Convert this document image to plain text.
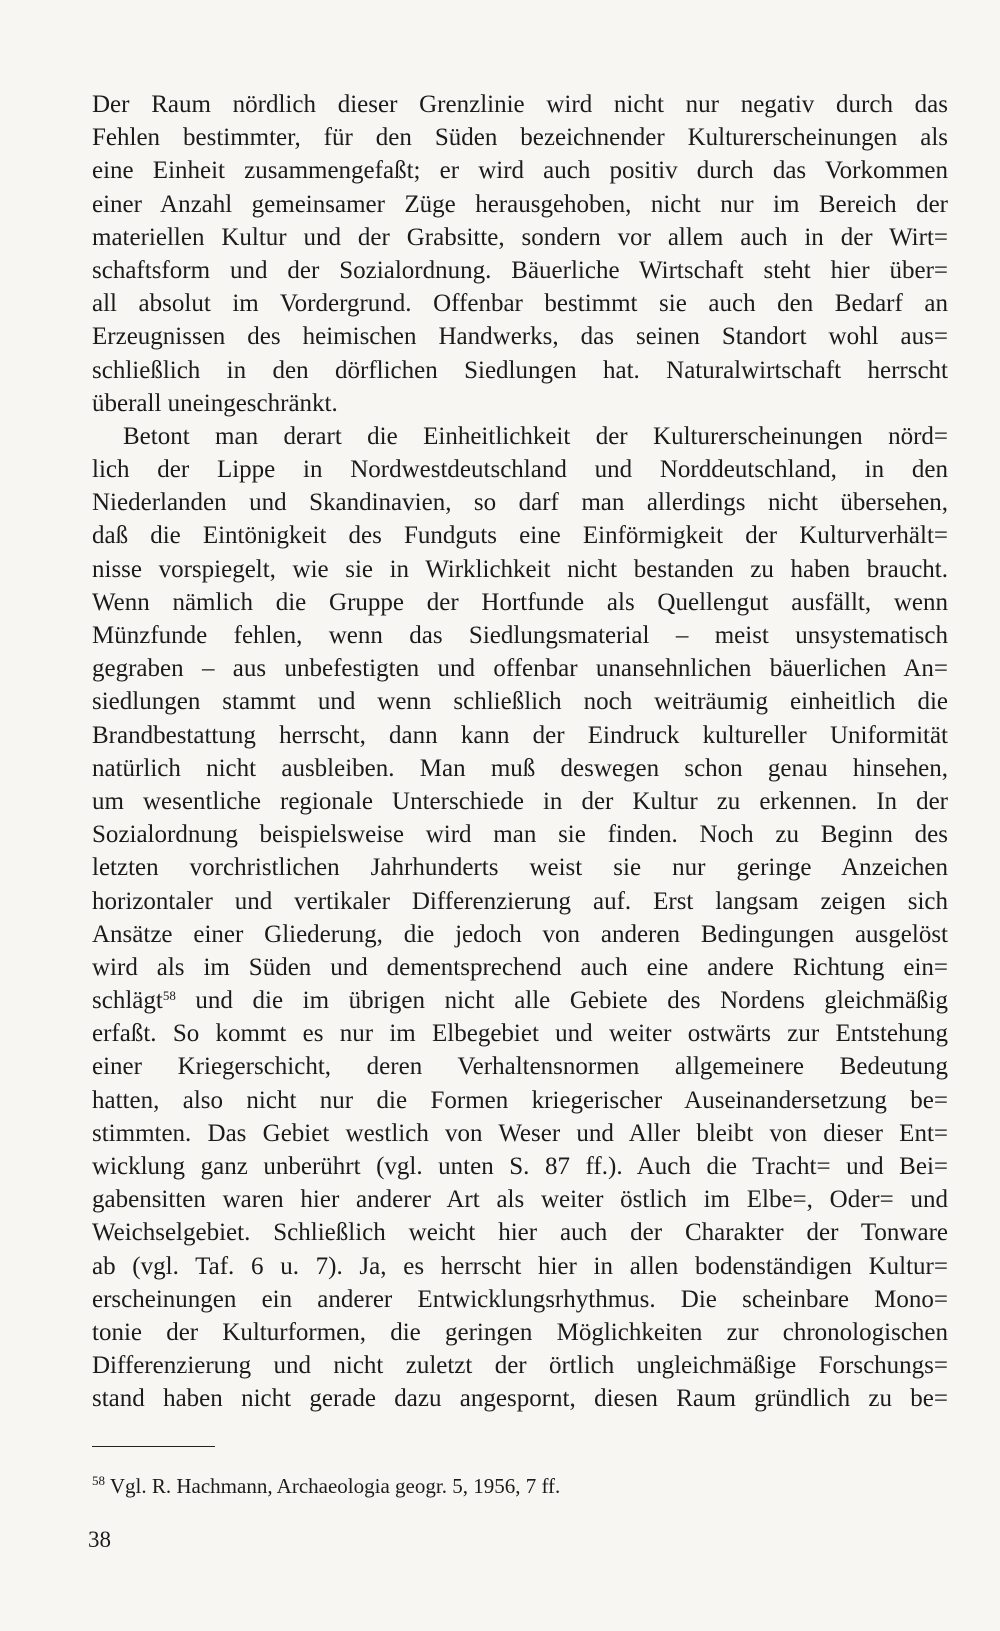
Der Raum nördlich dieser Grenzlinie wird nicht nur negativ durch das
Fehlen bestimmter, für den Süden bezeichnender Kulturerscheinungen als
eine Einheit zusammengefaßt; er wird auch positiv durch das Vorkommen
einer Anzahl gemeinsamer Züge herausgehoben, nicht nur im Bereich der
materiellen Kultur und der Grabsitte, sondern vor allem auch in der Wirt=
schaftsform und der Sozialordnung. Bäuerliche Wirtschaft steht hier über=
all absolut im Vordergrund. Offenbar bestimmt sie auch den Bedarf an
Erzeugnissen des heimischen Handwerks, das seinen Standort wohl aus=
schließlich in den dörflichen Siedlungen hat. Naturalwirtschaft herrscht
überall uneingeschränkt.
Betont man derart die Einheitlichkeit der Kulturerscheinungen nörd=
lich der Lippe in Nordwestdeutschland und Norddeutschland, in den
Niederlanden und Skandinavien, so darf man allerdings nicht übersehen,
daß die Eintönigkeit des Fundguts eine Einförmigkeit der Kulturverhält=
nisse vorspiegelt, wie sie in Wirklichkeit nicht bestanden zu haben braucht.
Wenn nämlich die Gruppe der Hortfunde als Quellengut ausfällt, wenn
Münzfunde fehlen, wenn das Siedlungsmaterial – meist unsystematisch
gegraben – aus unbefestigten und offenbar unansehnlichen bäuerlichen An=
siedlungen stammt und wenn schließlich noch weiträumig einheitlich die
Brandbestattung herrscht, dann kann der Eindruck kultureller Uniformität
natürlich nicht ausbleiben. Man muß deswegen schon genau hinsehen,
um wesentliche regionale Unterschiede in der Kultur zu erkennen. In der
Sozialordnung beispielsweise wird man sie finden. Noch zu Beginn des
letzten vorchristlichen Jahrhunderts weist sie nur geringe Anzeichen
horizontaler und vertikaler Differenzierung auf. Erst langsam zeigen sich
Ansätze einer Gliederung, die jedoch von anderen Bedingungen ausgelöst
wird als im Süden und dementsprechend auch eine andere Richtung ein=
schlägt$^{58}$ und die im übrigen nicht alle Gebiete des Nordens gleichmäßig
erfaßt. So kommt es nur im Elbegebiet und weiter ostwärts zur Entstehung
einer Kriegerschicht, deren Verhaltensnormen allgemeinere Bedeutung
hatten, also nicht nur die Formen kriegerischer Auseinandersetzung be=
stimmten. Das Gebiet westlich von Weser und Aller bleibt von dieser Ent=
wicklung ganz unberührt (vgl. unten S. 87 ff.). Auch die Tracht= und Bei=
gabensitten waren hier anderer Art als weiter östlich im Elbe=, Oder= und
Weichselgebiet. Schließlich weicht hier auch der Charakter der Tonware
ab (vgl. Taf. 6 u. 7). Ja, es herrscht hier in allen bodenständigen Kultur=
erscheinungen ein anderer Entwicklungsrhythmus. Die scheinbare Mono=
tonie der Kulturformen, die geringen Möglichkeiten zur chronologischen
Differenzierung und nicht zuletzt der örtlich ungleichmäßige Forschungs=
stand haben nicht gerade dazu angespornt, diesen Raum gründlich zu be=
$^{58}$ Vgl. R. Hachmann, Archaeologia geogr. 5, 1956, 7 ff.
38
